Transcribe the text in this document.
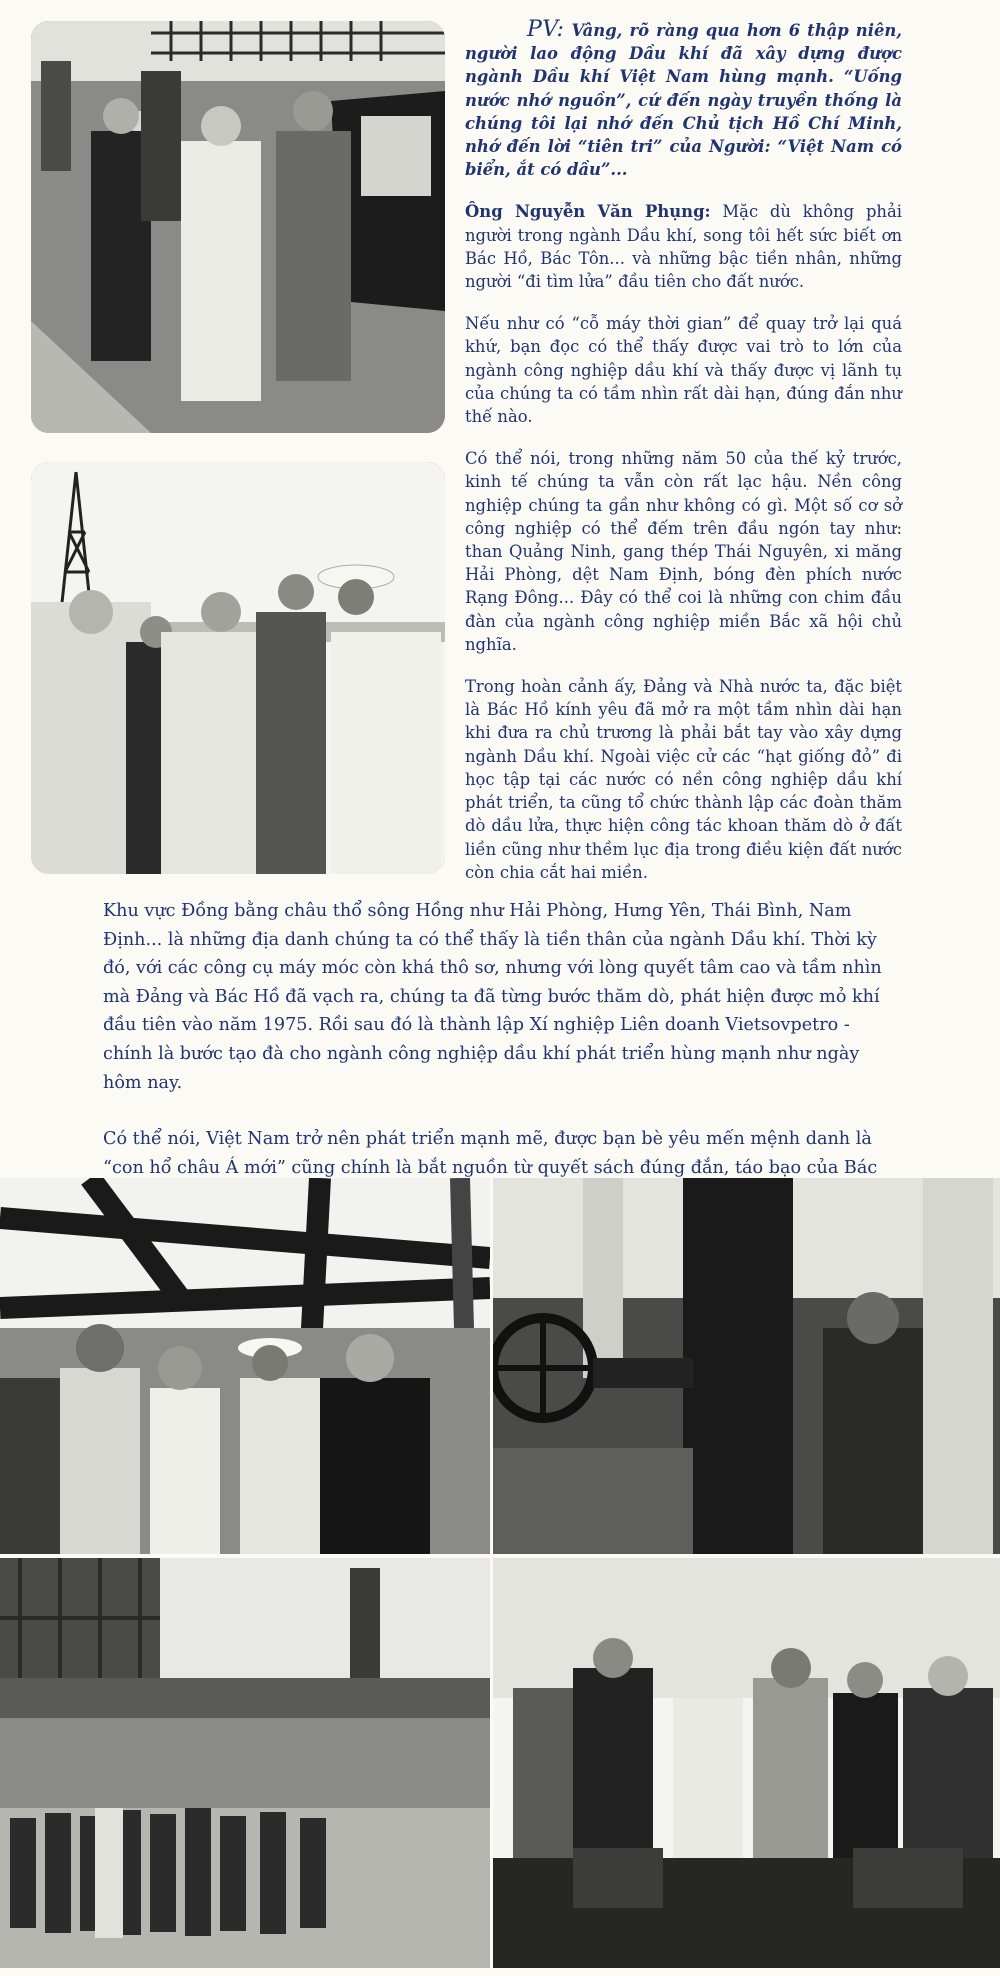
PV: Vâng, rõ ràng qua hơn 6 thập niên, người lao động Dầu khí đã xây dựng được ngành Dầu khí Việt Nam hùng mạnh. “Uống nước nhớ nguồn”, cứ đến ngày truyền thống là chúng tôi lại nhớ đến Chủ tịch Hồ Chí Minh, nhớ đến lời “tiên tri” của Người: “Việt Nam có biển, ắt có dầu”...

Ông Nguyễn Văn Phụng: Mặc dù không phải người trong ngành Dầu khí, song tôi hết sức biết ơn Bác Hồ, Bác Tôn... và những bậc tiền nhân, những người “đi tìm lửa” đầu tiên cho đất nước.

Nếu như có “cỗ máy thời gian” để quay trở lại quá khứ, bạn đọc có thể thấy được vai trò to lớn của ngành công nghiệp dầu khí và thấy được vị lãnh tụ của chúng ta có tầm nhìn rất dài hạn, đúng đắn như thế nào.

Có thể nói, trong những năm 50 của thế kỷ trước, kinh tế chúng ta vẫn còn rất lạc hậu. Nền công nghiệp chúng ta gần như không có gì. Một số cơ sở công nghiệp có thể đếm trên đầu ngón tay như: than Quảng Ninh, gang thép Thái Nguyên, xi măng Hải Phòng, dệt Nam Định, bóng đèn phích nước Rạng Đông... Đây có thể coi là những con chim đầu đàn của ngành công nghiệp miền Bắc xã hội chủ nghĩa.

Trong hoàn cảnh ấy, Đảng và Nhà nước ta, đặc biệt là Bác Hồ kính yêu đã mở ra một tầm nhìn dài hạn khi đưa ra chủ trương là phải bắt tay vào xây dựng ngành Dầu khí. Ngoài việc cử các “hạt giống đỏ” đi học tập tại các nước có nền công nghiệp dầu khí phát triển, ta cũng tổ chức thành lập các đoàn thăm dò dầu lửa, thực hiện công tác khoan thăm dò ở đất liền cũng như thềm lục địa trong điều kiện đất nước còn chia cắt hai miền.

Khu vực Đồng bằng châu thổ sông Hồng như Hải Phòng, Hưng Yên, Thái Bình, Nam Định... là những địa danh chúng ta có thể thấy là tiền thân của ngành Dầu khí. Thời kỳ đó, với các công cụ máy móc còn khá thô sơ, nhưng với lòng quyết tâm cao và tầm nhìn mà Đảng và Bác Hồ đã vạch ra, chúng ta đã từng bước thăm dò, phát hiện được mỏ khí đầu tiên vào năm 1975. Rồi sau đó là thành lập Xí nghiệp Liên doanh Vietsovpetro - chính là bước tạo đà cho ngành công nghiệp dầu khí phát triển hùng mạnh như ngày hôm nay.

Có thể nói, Việt Nam trở nên phát triển mạnh mẽ, được bạn bè yêu mến mệnh danh là “con hổ châu Á mới” cũng chính là bắt nguồn từ quyết sách đúng đắn, táo bạo của Bác
